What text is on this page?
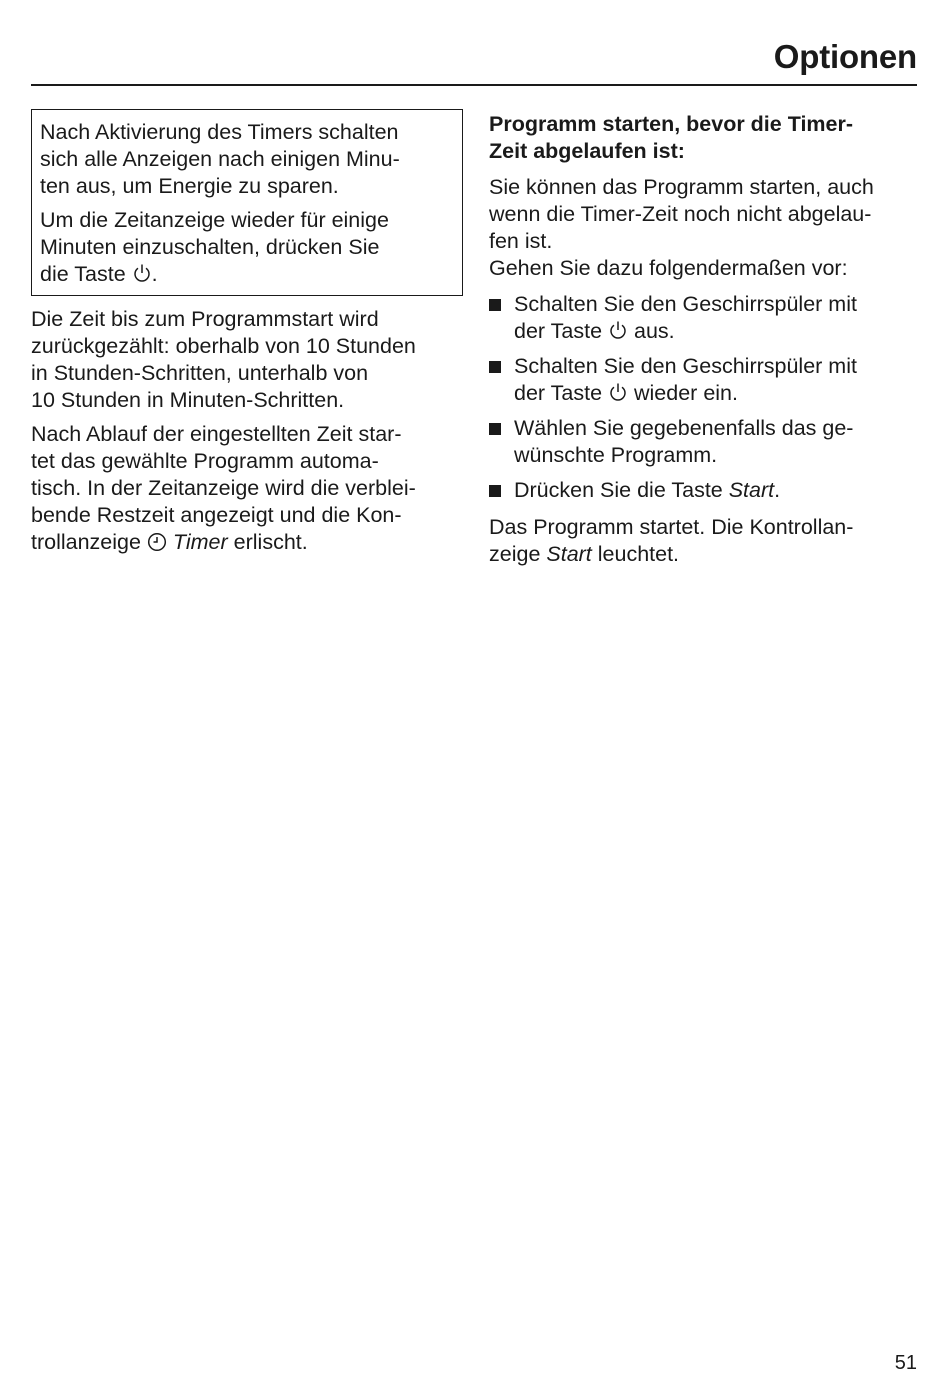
Optionen

Nach Aktivierung des Timers schalten
sich alle Anzeigen nach einigen Minu-
ten aus, um Energie zu sparen.

Um die Zeitanzeige wieder für einige
Minuten einzuschalten, drücken Sie
die Taste
.

Die Zeit bis zum Programmstart wird
zurückgezählt: oberhalb von 10 Stunden
in Stunden-Schritten, unterhalb von
10 Stunden in Minuten-Schritten.

Nach Ablauf der eingestellten Zeit star-
tet das gewählte Programm automa-
tisch. In der Zeitanzeige wird die verblei-
bende Restzeit angezeigt und die Kon-
trollanzeige
Timer erlischt.

Programm starten, bevor die Timer-
Zeit abgelaufen ist:

Sie können das Programm starten, auch
wenn die Timer-Zeit noch nicht abgelau-
fen ist.

Gehen Sie dazu folgendermaßen vor:

Schalten Sie den Geschirrspüler mit
der Taste
aus.
Schalten Sie den Geschirrspüler mit
der Taste
wieder ein.
Wählen Sie gegebenenfalls das ge-
wünschte Programm.
Drücken Sie die Taste Start.

Das Programm startet. Die Kontrollan-
zeige Start leuchtet.

51
